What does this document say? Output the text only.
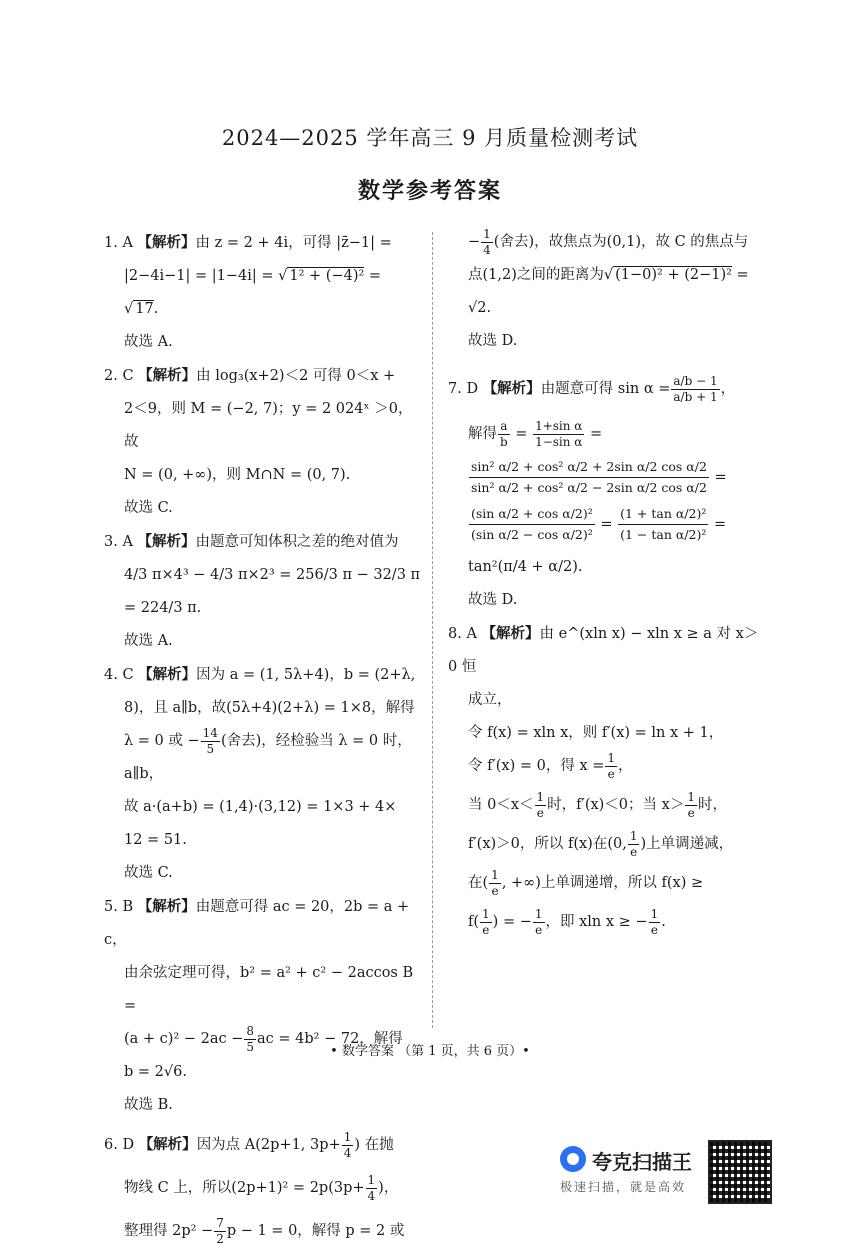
2024—2025 学年高三 9 月质量检测考试
数学参考答案
1. A 【解析】由 z = 2 + 4i，可得 |z̄−1| =
|2−4i−1| = |1−4i| = √ 1² + (−4)² =
√ 17.
故选 A.
2. C 【解析】由 log₃(x+2)＜2 可得 0＜x +
2＜9，则 M = (−2, 7)；y = 2 024ˣ ＞0，故
N = (0, +∞)，则 M∩N = (0, 7).
故选 C.
3. A 【解析】由题意可知体积之差的绝对值为
4/3 π×4³ − 4/3 π×2³ = 256/3 π − 32/3 π = 224/3 π.
故选 A.
4. C 【解析】因为 a = (1, 5λ+4)，b = (2+λ,
8)，且 a∥b，故(5λ+4)(2+λ) = 1×8，解得
λ = 0 或 − $\frac{14}{5}$ (舍去)，经检验当 λ = 0 时，a∥b，
故 a·(a+b) = (1,4)·(3,12) = 1×3 + 4×
12 = 51.
故选 C.
5. B 【解析】由题意可得 ac = 20，2b = a + c，
由余弦定理可得，b² = a² + c² − 2accos B =
$(a + c)^2 - 2ac - \frac{8}{5}$ ac = 4b² − 72，解得
b = 2√6.
故选 B.
6. D 【解析】因为点 A(2p+1, $3p+ \frac{1}{4}$ ) 在抛
物线 C 上，所以$(2p+1)^2 = 2p(3p+ \frac{1}{4}$ )，
整理得 $2p^2 - \frac{7}{2}$ p − 1 = 0，解得 p = 2 或
− $\frac{1}{4}$ (舍去)，故焦点为(0,1)，故 C 的焦点与
点(1,2)之间的距离为√ (1−0)² + (2−1)² =
√2.
故选 D.
7. D 【解析】由题意可得 $\sin \alpha = \frac{a/b - 1}{a/b + 1}$ ，
解得 $\frac{a}{b} = \frac{\text{1+sin α}}{\text{1−sin α}}$ =
$\frac{\text{sin² α/2 + cos² α/2 + 2sin α/2 cos α/2}}{\text{sin² α/2 + cos² α/2 − 2sin α/2 cos α/2}}$ =
$\frac{\text{(sin α/2 + cos α/2)²}}{\text{(sin α/2 − cos α/2)²}} = \frac{\text{(1 + tan α/2)²}}{\text{(1 − tan α/2)²}}$ =
tan²(π/4 + α/2).
故选 D.
8. A 【解析】由 e^(xln x) − xln x ≥ a 对 x＞0 恒
成立，
令 f(x) = xln x，则 f′(x) = ln x + 1，
令 f′(x) = 0，得 $x = \frac{1}{e}$ ，
当 $0<x< \frac{1}{e}$ 时，f′(x)＜0；当 $x> \frac{1}{e}$ 时，
f′(x)＞0，所以 f(x)在(0, $\frac{1}{e}$ )上单调递减，
在( $\frac{1}{e}$ , +∞)上单调递增，所以 f(x) ≥
$f( \frac{1}{e}$ ) = − $\frac{1}{e}$ ，即 xln x ≥ − $\frac{1}{e}$ .
• 数学答案 （第 1 页，共 6 页）•
夸克扫描王
极速扫描，就是高效
